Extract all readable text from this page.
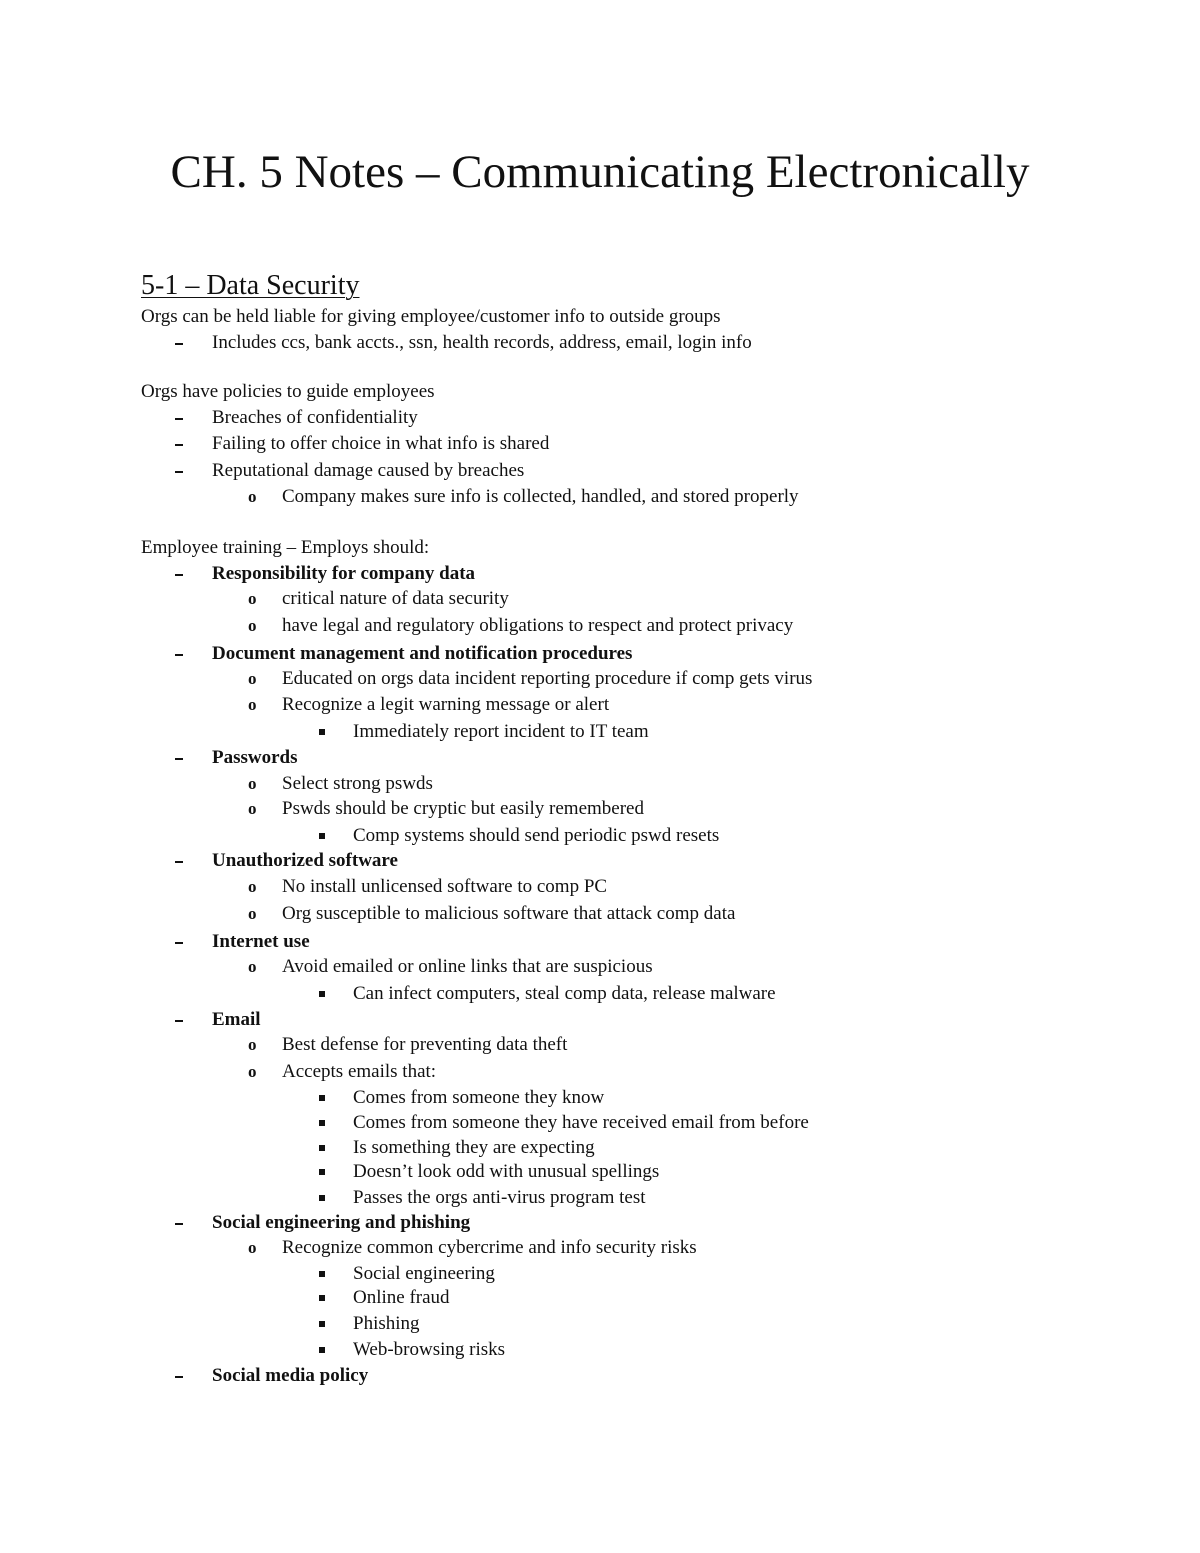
CH. 5 Notes – Communicating Electronically
5-1 – Data Security
Orgs can be held liable for giving employee/customer info to outside groups
Includes ccs, bank accts., ssn, health records, address, email, login info
Orgs have policies to guide employees
Breaches of confidentiality
Failing to offer choice in what info is shared
Reputational damage caused by breaches
o Company makes sure info is collected, handled, and stored properly
Employee training – Employs should:
Responsibility for company data
o critical nature of data security
o have legal and regulatory obligations to respect and protect privacy
Document management and notification procedures
o Educated on orgs data incident reporting procedure if comp gets virus
o Recognize a legit warning message or alert
Immediately report incident to IT team
Passwords
o Select strong pswds
o Pswds should be cryptic but easily remembered
Comp systems should send periodic pswd resets
Unauthorized software
o No install unlicensed software to comp PC
o Org susceptible to malicious software that attack comp data
Internet use
o Avoid emailed or online links that are suspicious
Can infect computers, steal comp data, release malware
Email
o Best defense for preventing data theft
o Accepts emails that:
Comes from someone they know
Comes from someone they have received email from before
Is something they are expecting
Doesn’t look odd with unusual spellings
Passes the orgs anti-virus program test
Social engineering and phishing
o Recognize common cybercrime and info security risks
Social engineering
Online fraud
Phishing
Web-browsing risks
Social media policy
